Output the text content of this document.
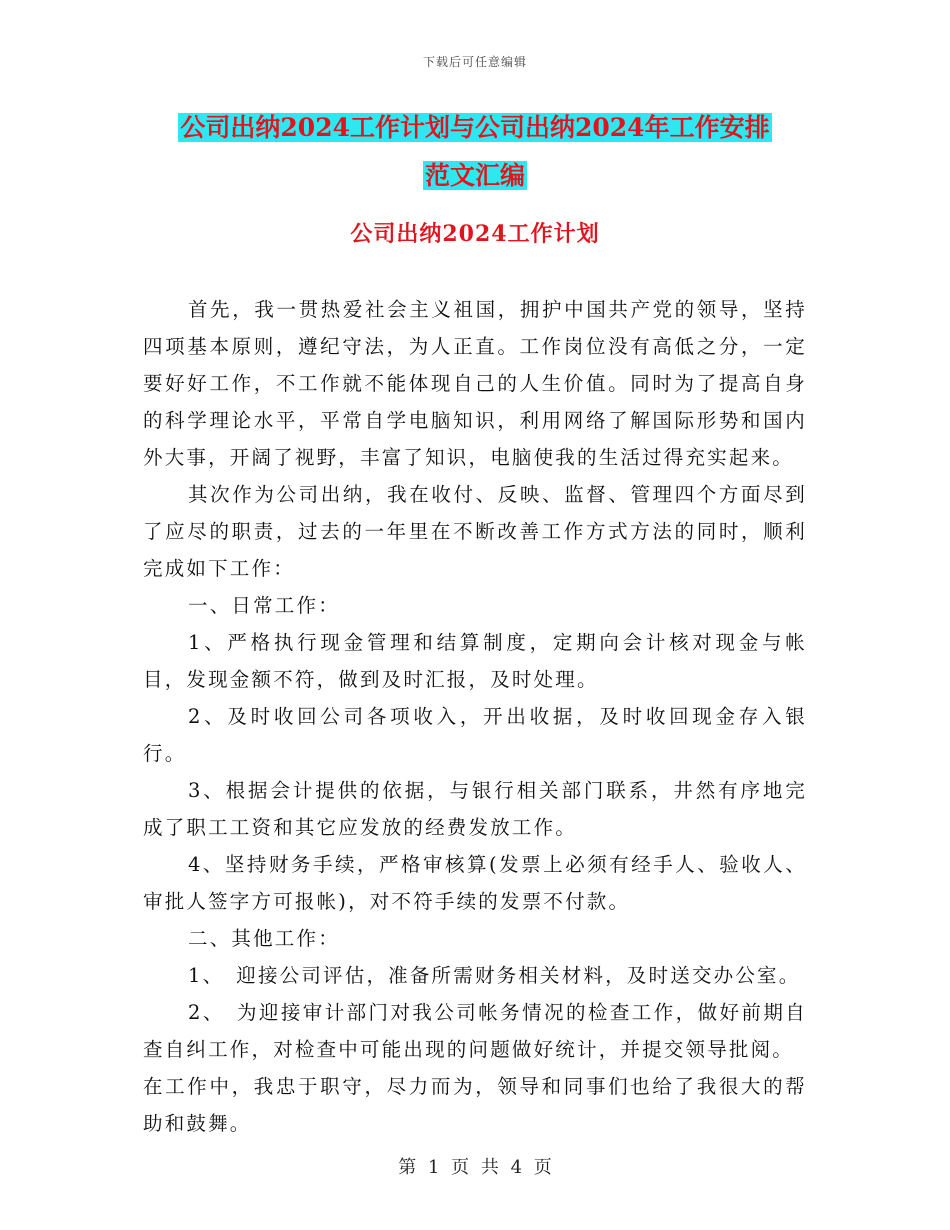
下载后可任意编辑
公司出纳2024工作计划与公司出纳2024年工作安排
范文汇编
公司出纳2024工作计划

首先，我一贯热爱社会主义祖国，拥护中国共产党的领导，坚持四项基本原则，遵纪守法，为人正直。工作岗位没有高低之分，一定要好好工作，不工作就不能体现自己的人生价值。同时为了提高自身的科学理论水平，平常自学电脑知识，利用网络了解国际形势和国内外大事，开阔了视野，丰富了知识，电脑使我的生活过得充实起来。

其次作为公司出纳，我在收付、反映、监督、管理四个方面尽到了应尽的职责，过去的一年里在不断改善工作方式方法的同时，顺利完成如下工作：

一、日常工作：

1、严格执行现金管理和结算制度，定期向会计核对现金与帐目，发现金额不符，做到及时汇报，及时处理。

2、及时收回公司各项收入，开出收据，及时收回现金存入银行。

3、根据会计提供的依据，与银行相关部门联系，井然有序地完成了职工工资和其它应发放的经费发放工作。

4、坚持财务手续，严格审核算(发票上必须有经手人、验收人、审批人签字方可报帐)，对不符手续的发票不付款。

二、其他工作：

1、　迎接公司评估，准备所需财务相关材料，及时送交办公室。

2、　为迎接审计部门对我公司帐务情况的检查工作，做好前期自查自纠工作，对检查中可能出现的问题做好统计，并提交领导批阅。

在工作中，我忠于职守，尽力而为，领导和同事们也给了我很大的帮助和鼓舞。

第 1 页 共 4 页
